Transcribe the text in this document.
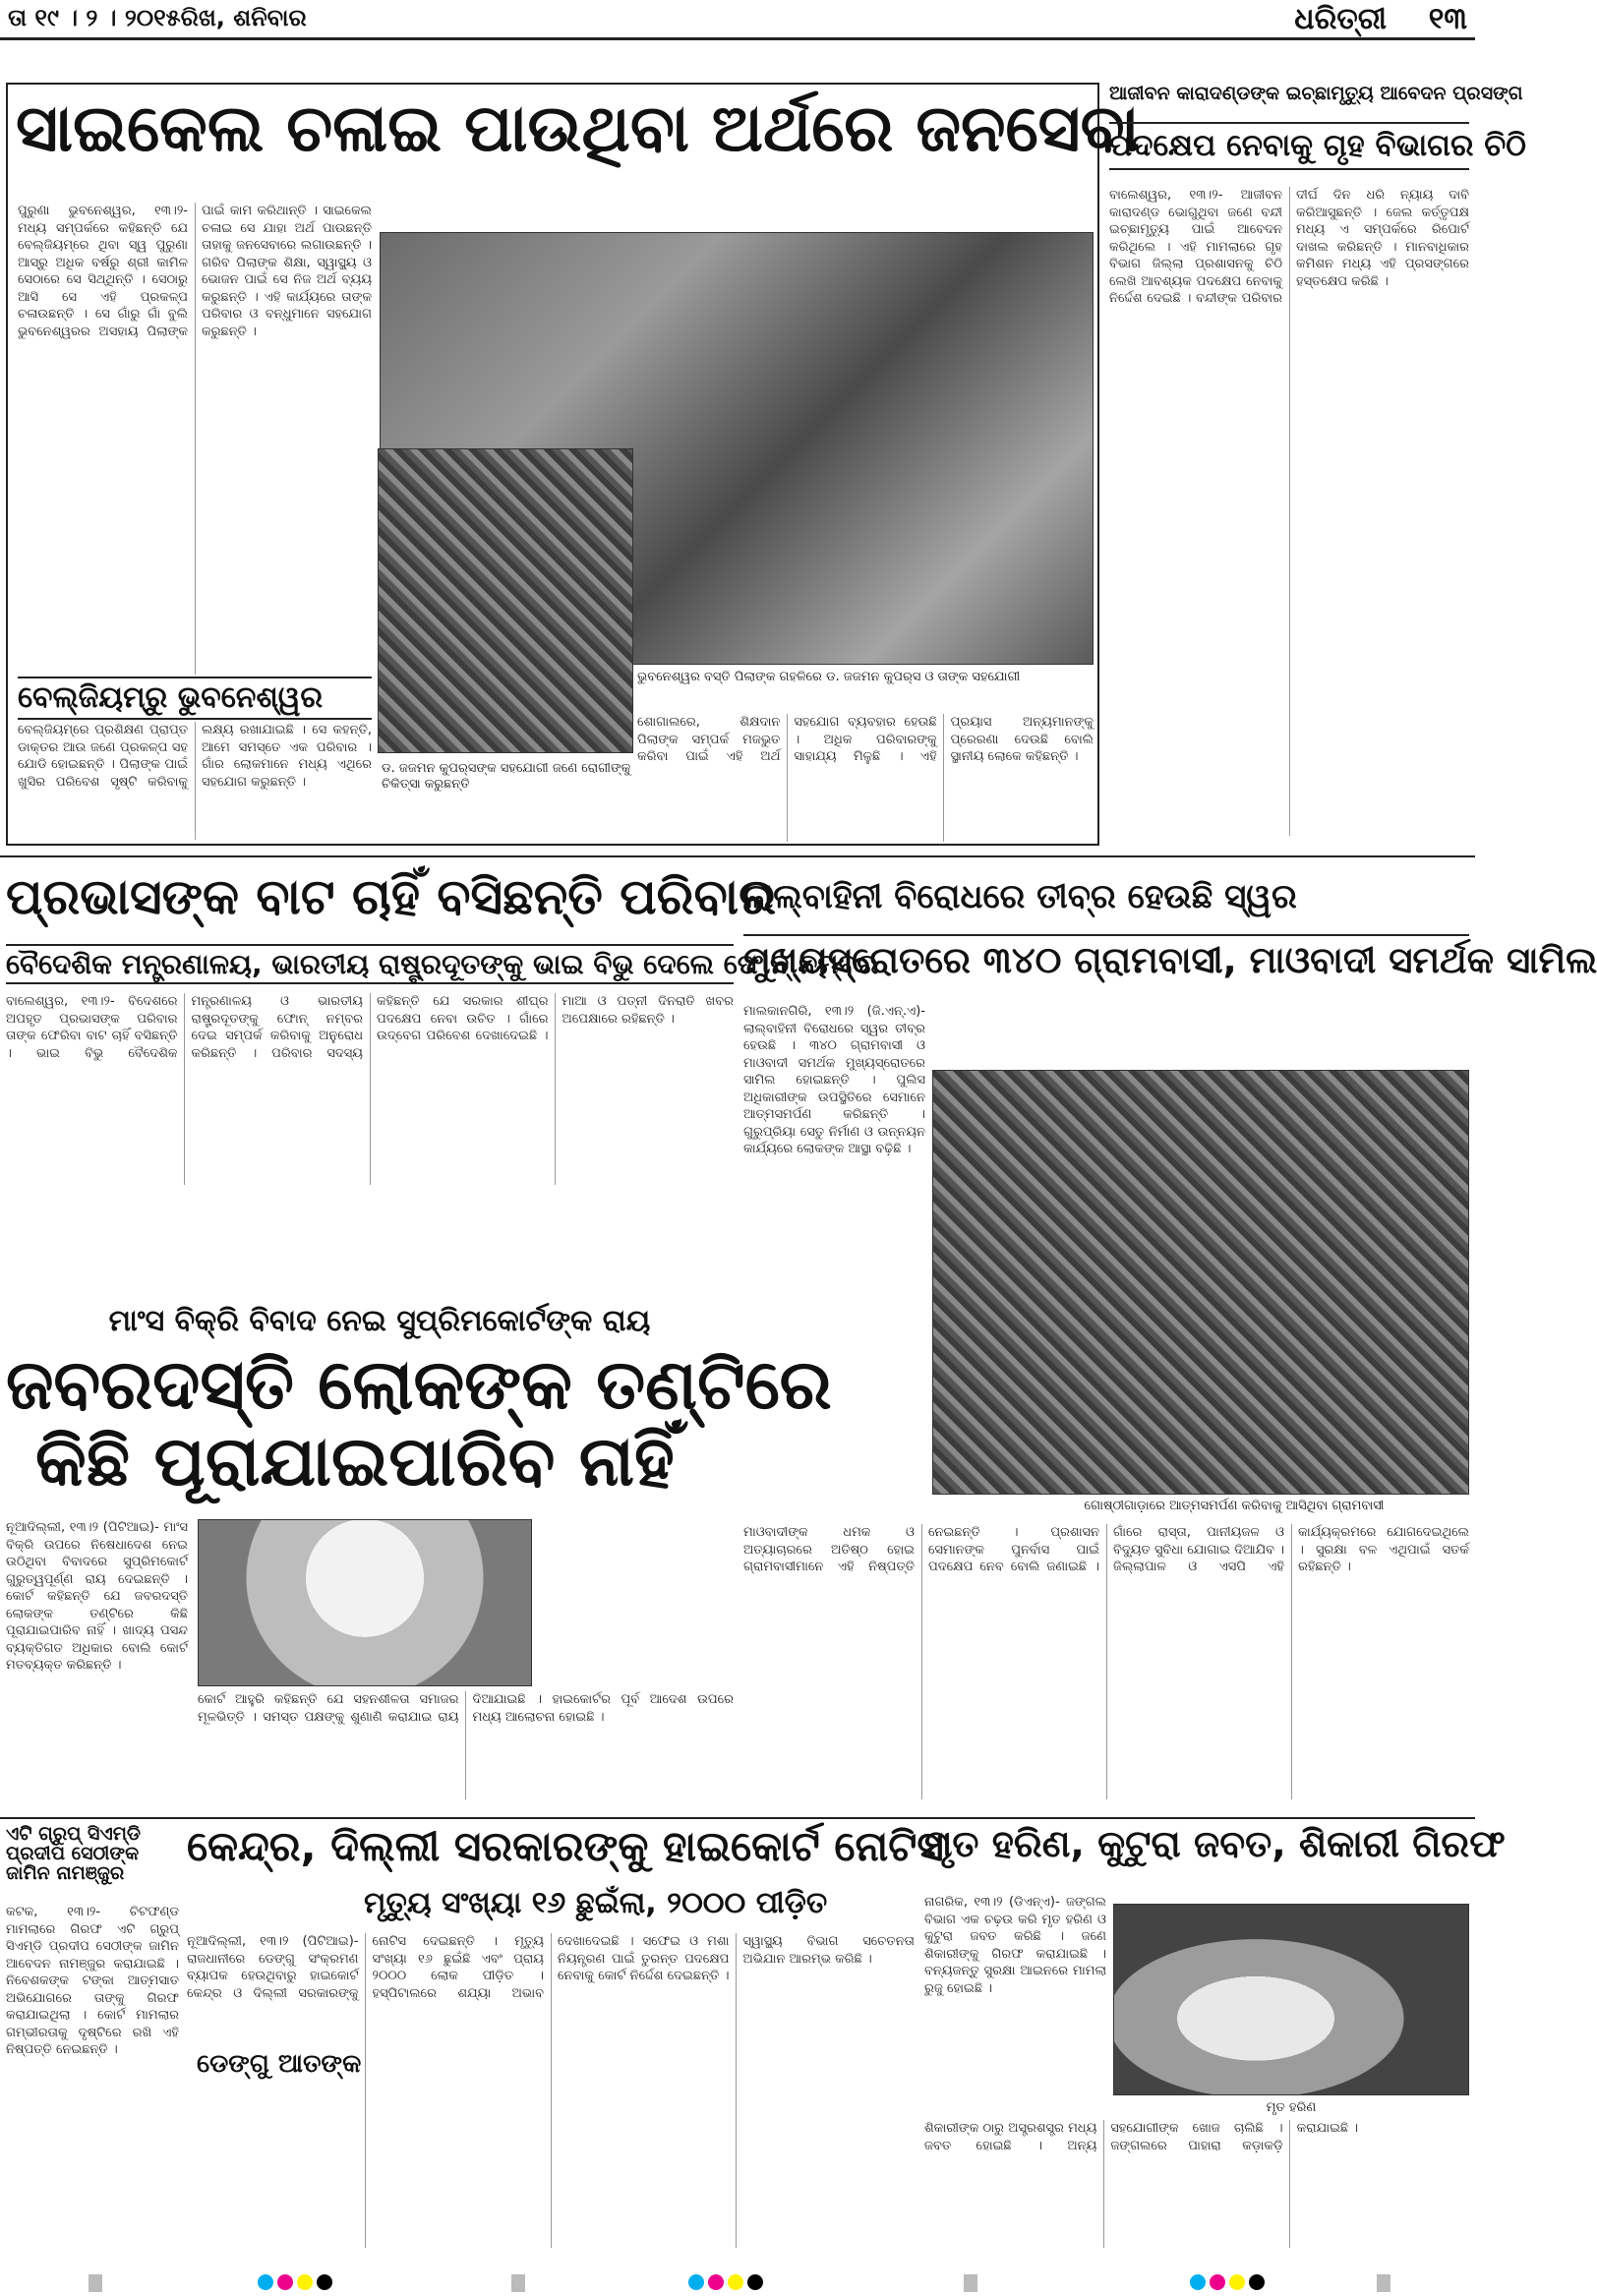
ତା ୧୯ । ୨ । ୨୦୧୫ରିଖ, ଶନିବାର	ଧରିତ୍ରୀ ୧୩
ସାଇକେଲ ଚଳାଇ ପାଉଥିବା ଅର୍ଥରେ ଜନସେବା
ପୁରୁଣା ଭୁବନେଶ୍ୱର, ୧୩।୨- ମଧ୍ୟ ସମ୍ପର୍କରେ କହିଛନ୍ତି ଯେ ବେଲ୍‌ଜିୟମ୍‌ରେ ଥିବା ସ୍ୱ ପୁରୁଣା ଆସ୍ରୁ ଅଧିକ ବର୍ଷରୁ ଶ୍ରୀ କାମିଳ ସେଠାରେ ସେ ସିଥ୍‌ଥିନ୍ତି । ସେଠାରୁ ଆସି ସେ ଏହି ପ୍ରକଳ୍ପ ଚଳାଉଛନ୍ତି । ସେ ଗାଁରୁ ଗାଁ ବୁଲି ଭୁବନେଶ୍ୱରର ଅସହାୟ ପିଲାଙ୍କ ପାଇଁ କାମ କରିଥାନ୍ତି । ସାଇକେଲ ଚଳାଇ ସେ ଯାହା ଅର୍ଥ ପାଉଛନ୍ତି ତାହାକୁ ଜନସେବାରେ ଲଗାଉଛନ୍ତି । ଗରିବ ପିଲାଙ୍କ ଶିକ୍ଷା, ସ୍ୱାସ୍ଥ୍ୟ ଓ ଭୋଜନ ପାଇଁ ସେ ନିଜ ଅର୍ଥ ବ୍ୟୟ କରୁଛନ୍ତି । ଏହି କାର୍ଯ୍ୟରେ ତାଙ୍କ ପରିବାର ଓ ବନ୍ଧୁମାନେ ସହଯୋଗ କରୁଛନ୍ତି ।
ଭୁବନେଶ୍ୱର ବସ୍ତି ପିଲାଙ୍କ ଗହଳିରେ ଡ. ଜଜମନ କୁପର୍‌ସ ଓ ତାଙ୍କ ସହଯୋଗୀ
ବେଲ୍‌ଜିୟମ୍‌ରୁ ଭୁବନେଶ୍ୱର
ବେଲ୍‌ଜିୟମ୍‌ରେ ପ୍ରଶିକ୍ଷଣ ପ୍ରାପ୍ତ ଡାକ୍ତର ଆଉ ଜଣେ ପ୍ରକଳ୍ପ ସହ ଯୋଡି ହୋଇଛନ୍ତି । ପିଲାଙ୍କ ପାଇଁ ଖୁସିର ପରିବେଶ ସୃଷ୍ଟି କରିବାକୁ ଲକ୍ଷ୍ୟ ରଖାଯାଇଛି । ସେ କହନ୍ତି, ଆମେ ସମସ୍ତେ ଏକ ପରିବାର । ଗାଁର ଲୋକମାନେ ମଧ୍ୟ ଏଥିରେ ସହଯୋଗ କରୁଛନ୍ତି ।
ଡ. ଜଜମନ କୁପର୍‌ସଙ୍କ ସହଯୋଗୀ ଜଣେ ରୋଗୀଙ୍କୁ ଚିକିତ୍ସା କରୁଛନ୍ତି
ଶୋଗାଲରେ, ଶିକ୍ଷଦାନ ପିଲାଙ୍କ ସମ୍ପର୍କ ମଜଭୁତ କରିବା ପାଇଁ ଏହି ଅର୍ଥ ସହଯୋଗ ବ୍ୟବହାର ହେଉଛି । ଅଧିକ ପରିବାରଙ୍କୁ ସାହାଯ୍ୟ ମିଳୁଛି । ଏହି ପ୍ରୟାସ ଅନ୍ୟମାନଙ୍କୁ ପ୍ରେରଣା ଦେଉଛି ବୋଲି ସ୍ଥାନୀୟ ଲୋକେ କହିଛନ୍ତି ।
ଆଜୀବନ କାରାଦଣ୍ଡଙ୍କ ଇଚ୍ଛାମୃତ୍ୟୁ ଆବେଦନ ପ୍ରସଙ୍ଗ
ପଦକ୍ଷେପ ନେବାକୁ ଗୃହ ବିଭାଗର ଚିଠି
ବାଲେଶ୍ୱର, ୧୩।୨- ଆଜୀବନ କାରାଦଣ୍ଡ ଭୋଗୁଥିବା ଜଣେ ବନ୍ଦୀ ଇଚ୍ଛାମୃତ୍ୟୁ ପାଇଁ ଆବେଦନ କରିଥିଲେ । ଏହି ମାମଲାରେ ଗୃହ ବିଭାଗ ଜିଲ୍ଲା ପ୍ରଶାସନକୁ ଚିଠି ଲେଖି ଆବଶ୍ୟକ ପଦକ୍ଷେପ ନେବାକୁ ନିର୍ଦ୍ଦେଶ ଦେଇଛି । ବନ୍ଦୀଙ୍କ ପରିବାର ଦୀର୍ଘ ଦିନ ଧରି ନ୍ୟାୟ ଦାବି କରିଆସୁଛନ୍ତି । ଜେଲ କର୍ତ୍ତୃପକ୍ଷ ମଧ୍ୟ ଏ ସମ୍ପର୍କରେ ରିପୋର୍ଟ ଦାଖଲ କରିଛନ୍ତି । ମାନବାଧିକାର କମିଶନ ମଧ୍ୟ ଏହି ପ୍ରସଙ୍ଗରେ ହସ୍ତକ୍ଷେପ କରିଛି ।
ପ୍ରଭାସଙ୍କ ବାଟ ଚାହିଁ ବସିଛନ୍ତି ପରିବାର
ବୈଦେଶିକ ମନ୍ତ୍ରଣାଳୟ, ଭାରତୀୟ ରାଷ୍ଟ୍ରଦୂତଙ୍କୁ ଭାଇ ବିଭୁ ଦେଲେ ଫୋନ୍ ନମ୍ବର
ବାଲେଶ୍ୱର, ୧୩।୨- ବିଦେଶରେ ଅପହୃତ ପ୍ରଭାସଙ୍କ ପରିବାର ତାଙ୍କ ଫେରିବା ବାଟ ଚାହିଁ ବସିଛନ୍ତି । ଭାଇ ବିଭୁ ବୈଦେଶିକ ମନ୍ତ୍ରଣାଳୟ ଓ ଭାରତୀୟ ରାଷ୍ଟ୍ରଦୂତଙ୍କୁ ଫୋନ୍ ନମ୍ବର ଦେଇ ସମ୍ପର୍କ କରିବାକୁ ଅନୁରୋଧ କରିଛନ୍ତି । ପରିବାର ସଦସ୍ୟ କହିଛନ୍ତି ଯେ ସରକାର ଶୀଘ୍ର ପଦକ୍ଷେପ ନେବା ଉଚିତ । ଗାଁରେ ଉଦ୍‌ବେଗ ପରିବେଶ ଦେଖାଦେଇଛି । ମାଆ ଓ ପତ୍ନୀ ଦିନରାତି ଖବର ଅପେକ୍ଷାରେ ରହିଛନ୍ତି ।
ମାଂସ ବିକ୍ରି ବିବାଦ ନେଇ ସୁପ୍ରିମକୋର୍ଟଙ୍କ ରାୟ
ଜବରଦସ୍ତି ଲୋକଙ୍କ ତଣ୍ଟିରେ
କିଛି ପୂରାଯାଇପାରିବ ନାହିଁ
ନୂଆଦିଲ୍ଲୀ, ୧୩।୨ (ପିଟିଆଇ)- ମାଂସ ବିକ୍ରି ଉପରେ ନିଷେଧାଦେଶ ନେଇ ଉଠିଥିବା ବିବାଦରେ ସୁପ୍ରିମକୋର୍ଟ ଗୁରୁତ୍ୱପୂର୍ଣ୍ଣ ରାୟ ଦେଇଛନ୍ତି । କୋର୍ଟ କହିଛନ୍ତି ଯେ ଜବରଦସ୍ତି ଲୋକଙ୍କ ତଣ୍ଟିରେ କିଛି ପୂରାଯାଇପାରିବ ନାହିଁ । ଖାଦ୍ୟ ପସନ୍ଦ ବ୍ୟକ୍ତିଗତ ଅଧିକାର ବୋଲି କୋର୍ଟ ମତବ୍ୟକ୍ତ କରିଛନ୍ତି ।
କୋର୍ଟ ଆହୁରି କହିଛନ୍ତି ଯେ ସହନଶୀଳତା ସମାଜର ମୂଳଭିତ୍ତି । ସମସ୍ତ ପକ୍ଷଙ୍କୁ ଶୁଣାଣି କରାଯାଇ ରାୟ ଦିଆଯାଇଛି । ହାଇକୋର୍ଟର ପୂର୍ବ ଆଦେଶ ଉପରେ ମଧ୍ୟ ଆଲୋଚନା ହୋଇଛି ।
ଲାଲ୍‌ବାହିନୀ ବିରୋଧରେ ତୀବ୍ର ହେଉଛି ସ୍ୱର
ମୁଖ୍ୟସ୍ରୋତରେ ୩୪୦ ଗ୍ରାମବାସୀ, ମାଓବାଦୀ ସମର୍ଥକ ସାମିଲ
ମାଲକାନଗିରି, ୧୩।୨ (ଜି.ଏନ୍.ଏ)- ଲାଲ୍‌ବାହିନୀ ବିରୋଧରେ ସ୍ୱର ତୀବ୍ର ହେଉଛି । ୩୪୦ ଗ୍ରାମବାସୀ ଓ ମାଓବାଦୀ ସମର୍ଥକ ମୁଖ୍ୟସ୍ରୋତରେ ସାମିଲ ହୋଇଛନ୍ତି । ପୁଲିସ ଅଧିକାରୀଙ୍କ ଉପସ୍ଥିତିରେ ସେମାନେ ଆତ୍ମସମର୍ପଣ କରିଛନ୍ତି । ଗୁରୁପ୍ରିୟା ସେତୁ ନିର୍ମାଣ ଓ ଉନ୍ନୟନ କାର୍ଯ୍ୟରେ ଲୋକଙ୍କ ଆସ୍ଥା ବଢ଼ିଛି ।
ଗୋଷ୍ଠୀଗାଡ଼ାରେ ଆତ୍ମସମର୍ପଣ କରିବାକୁ ଆସିଥିବା ଗ୍ରାମବାସୀ
ମାଓବାଦୀଙ୍କ ଧମକ ଓ ଅତ୍ୟାଚାରରେ ଅତିଷ୍ଠ ହୋଇ ଗ୍ରାମବାସୀମାନେ ଏହି ନିଷ୍ପତ୍ତି ନେଇଛନ୍ତି । ପ୍ରଶାସନ ସେମାନଙ୍କ ପୁନର୍ବାସ ପାଇଁ ପଦକ୍ଷେପ ନେବ ବୋଲି ଜଣାଇଛି । ଗାଁରେ ରାସ୍ତା, ପାନୀୟଜଳ ଓ ବିଦ୍ୟୁତ ସୁବିଧା ଯୋଗାଇ ଦିଆଯିବ । ଜିଲ୍ଲାପାଳ ଓ ଏସପି ଏହି କାର୍ଯ୍ୟକ୍ରମରେ ଯୋଗଦେଇଥିଲେ । ସୁରକ୍ଷା ବଳ ଏଥିପାଇଁ ସତର୍କ ରହିଛନ୍ତି ।
ଏଟି ଗ୍ରୁପ୍ ସିଏମ୍‌ଡି ପ୍ରଦୀପ ସେଠୀଙ୍କ ଜାମିନ ନାମଞ୍ଜୁର
କଟକ, ୧୩।୨- ଚିଟଫଣ୍ଡ ମାମଲାରେ ଗିରଫ ଏଟି ଗ୍ରୁପ୍ ସିଏମ୍‌ଡି ପ୍ରଦୀପ ସେଠୀଙ୍କ ଜାମିନ ଆବେଦନ ନାମଞ୍ଜୁର କରାଯାଇଛି । ନିବେଶକଙ୍କ ଟଙ୍କା ଆତ୍ମସାତ ଅଭିଯୋଗରେ ତାଙ୍କୁ ଗିରଫ କରାଯାଇଥିଲା । କୋର୍ଟ ମାମଲାର ଗମ୍ଭୀରତାକୁ ଦୃଷ୍ଟିରେ ରଖି ଏହି ନିଷ୍ପତ୍ତି ନେଇଛନ୍ତି ।
କେନ୍ଦ୍ର, ଦିଲ୍ଲୀ ସରକାରଙ୍କୁ ହାଇକୋର୍ଟ ନୋଟିସ
ମୃତ୍ୟୁ ସଂଖ୍ୟା ୧୬ ଛୁଇଁଲା, ୨୦୦୦ ପୀଡ଼ିତ
ଡେଙ୍ଗୁ ଆତଙ୍କ
ନୂଆଦିଲ୍ଲୀ, ୧୩।୨ (ପିଟିଆଇ)- ରାଜଧାନୀରେ ଡେଙ୍ଗୁ ସଂକ୍ରମଣ ବ୍ୟାପକ ହେଉଥିବାରୁ ହାଇକୋର୍ଟ କେନ୍ଦ୍ର ଓ ଦିଲ୍ଲୀ ସରକାରଙ୍କୁ ନୋଟିସ ଦେଇଛନ୍ତି । ମୃତ୍ୟୁ ସଂଖ୍ୟା ୧୬ ଛୁଇଁଛି ଏବଂ ପ୍ରାୟ ୨୦୦୦ ଲୋକ ପୀଡ଼ିତ । ହସ୍ପିଟାଲରେ ଶଯ୍ୟା ଅଭାବ ଦେଖାଦେଇଛି । ସଫେଇ ଓ ମଶା ନିୟନ୍ତ୍ରଣ ପାଇଁ ତୁରନ୍ତ ପଦକ୍ଷେପ ନେବାକୁ କୋର୍ଟ ନିର୍ଦ୍ଦେଶ ଦେଇଛନ୍ତି । ସ୍ୱାସ୍ଥ୍ୟ ବିଭାଗ ସଚେତନତା ଅଭିଯାନ ଆରମ୍ଭ କରିଛି ।
ମୃତ ହରିଣ, କୁଟୁରା ଜବତ, ଶିକାରୀ ଗିରଫ
ନାଗରିକ, ୧୩।୨ (ଡିଏନ୍‌ଏ)- ଜଙ୍ଗଲ ବିଭାଗ ଏକ ଚଢ଼ଉ କରି ମୃତ ହରିଣ ଓ କୁଟୁରା ଜବତ କରିଛି । ଜଣେ ଶିକାରୀଙ୍କୁ ଗିରଫ କରାଯାଇଛି । ବନ୍ୟଜନ୍ତୁ ସୁରକ୍ଷା ଆଇନରେ ମାମଲା ରୁଜୁ ହୋଇଛି ।
ମୃତ ହରିଣ
ଶିକାରୀଙ୍କ ଠାରୁ ଅସ୍ତ୍ରଶସ୍ତ୍ର ମଧ୍ୟ ଜବତ ହୋଇଛି । ଅନ୍ୟ ସହଯୋଗୀଙ୍କ ଖୋଜ ଚାଲିଛି । ଜଙ୍ଗଲରେ ପାହାରା କଡ଼ାକଡ଼ି କରାଯାଇଛି ।
